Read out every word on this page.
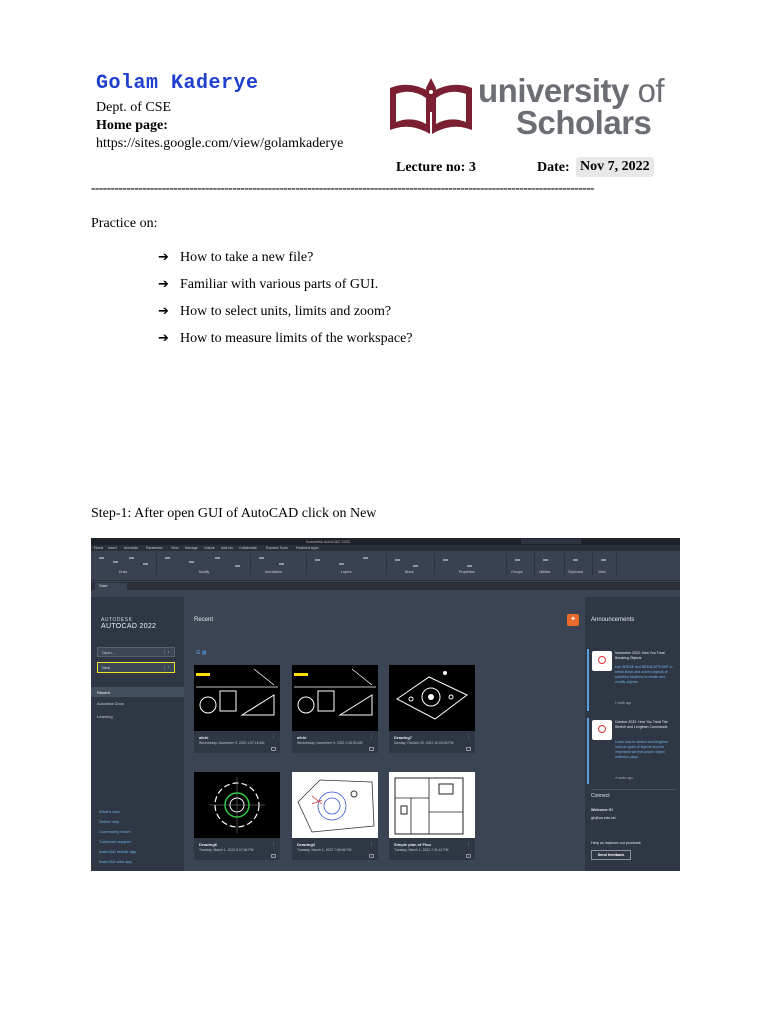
Golam Kaderye
Dept. of CSE
Home page:
https://sites.google.com/view/golamkaderye
university of
Scholars
Lecture no: 3	Date: Nov 7, 2022
--------------------------------------------------------------------------------------------------------------------------------
Practice on:
➔ How to take a new file?
➔ Familiar with various parts of GUI.
➔ How to select units, limits and zoom?
➔ How to measure limits of the workspace?
Step-1: After open GUI of AutoCAD click on New
Autodesk AutoCAD 2022
Home Insert Annotate Parametric View Manage Output Add-ins Collaborate	Express Tools Featured Apps
Draw	Modify	Annotation	Layers	Block	Properties	Groups	Utilities	Clipboard	View
Start
AUTODESK
AUTOCAD 2022
Open...	▾
New	▾
Recent
Autodesk Docs
Learning
What's new
Online help
Community forum
Customer support
AutoCAD mobile app
AutoCAD web app
Recent
☰ ▦
afchi
Wednesday, November 9, 2022 1:57:16 AM
⋮	afchi
Wednesday, November 9, 2022 1:48:33 AM
⋮	Drawing7
Sunday, October 30, 2022 10:03:06 PM
⋮
Drawing6
Tuesday, March 1, 2022 8:17:48 PM
⋮	Drawing3
Tuesday, March 1, 2022 7:50:06 PM
⋮	Simple plan of Floo
Tuesday, March 1, 2022 7:31:42 PM
⋮
✦	Announcements
November 2022: How You Treat Breaking Objects
Use BREAK and BREAKATPOINT to break linear and curved objects at specified locations to create and modify objects.
1 week ago
October 2022: How You Treat The Stretch and Lengthen Commands
Learn how to stretch and lengthen various types of objects and the important role that proper object selection plays.
4 weeks ago
Connect
Welcome G!
gk@us.edu.bd
Help us improve our products
Send feedback
